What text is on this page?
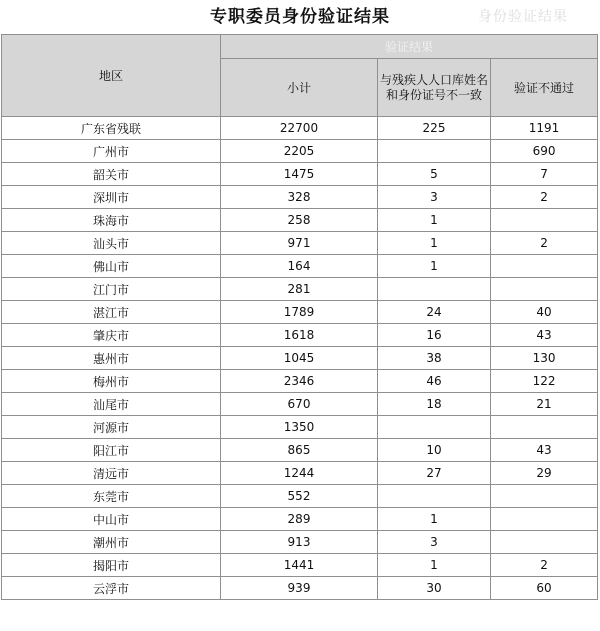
专职委员身份验证结果	身份验证结果
地区	验证结果		
	小计	与残疾人人口库姓名和身份证号不一致	验证不通过
广东省残联	22700	225	1191
广州市	2205		690
韶关市	1475	5	7
深圳市	328	3	2
珠海市	258	1	
汕头市	971	1	2
佛山市	164	1	
江门市	281		
湛江市	1789	24	40
肇庆市	1618	16	43
惠州市	1045	38	130
梅州市	2346	46	122
汕尾市	670	18	21
河源市	1350		
阳江市	865	10	43
清远市	1244	27	29
东莞市	552		
中山市	289	1	
潮州市	913	3	
揭阳市	1441	1	2
云浮市	939	30	60
